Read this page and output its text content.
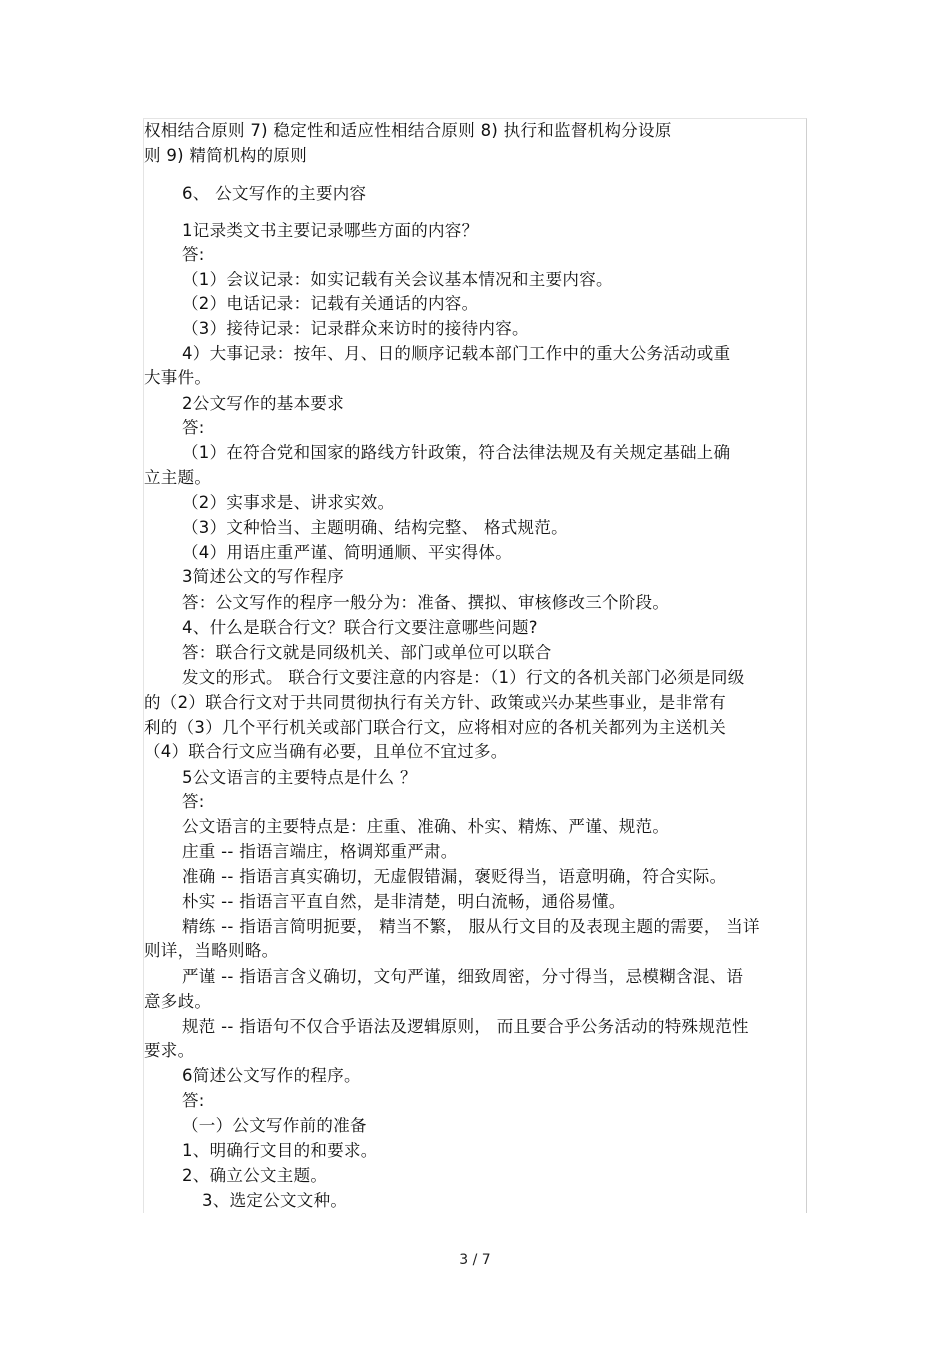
权相结合原则 7) 稳定性和适应性相结合原则 8) 执行和监督机构分设原
则 9) 精简机构的原则
6、 公文写作的主要内容
1记录类文书主要记录哪些方面的内容？
答:
（1）会议记录：如实记载有关会议基本情况和主要内容。
（2）电话记录：记载有关通话的内容。
（3）接待记录：记录群众来访时的接待内容。
4）大事记录：按年、月、日的顺序记载本部门工作中的重大公务活动或重
大事件。
2公文写作的基本要求
答:
（1）在符合党和国家的路线方针政策，符合法律法规及有关规定基础上确
立主题。
（2）实事求是、讲求实效。
（3）文种恰当、主题明确、结构完整、 格式规范。
（4）用语庄重严谨、简明通顺、平实得体。
3简述公文的写作程序
答：公文写作的程序一般分为：准备、撰拟、审核修改三个阶段。
4、什么是联合行文？联合行文要注意哪些问题?
答：联合行文就是同级机关、部门或单位可以联合
发文的形式。 联合行文要注意的内容是：（1）行文的各机关部门必须是同级
的（2）联合行文对于共同贯彻执行有关方针、政策或兴办某些事业，是非常有
利的（3）几个平行机关或部门联合行文，应将相对应的各机关都列为主送机关
（4）联合行文应当确有必要，且单位不宜过多。
5公文语言的主要特点是什么 ？
答:
公文语言的主要特点是：庄重、准确、朴实、精炼、严谨、规范。
庄重 -- 指语言端庄，格调郑重严肃。
准确 -- 指语言真实确切，无虚假错漏，褒贬得当，语意明确，符合实际。
朴实 -- 指语言平直自然，是非清楚，明白流畅，通俗易懂。
精练 -- 指语言简明扼要， 精当不繁， 服从行文目的及表现主题的需要， 当详
则详，当略则略。
严谨 -- 指语言含义确切，文句严谨，细致周密，分寸得当，忌模糊含混、语
意多歧。
规范 -- 指语句不仅合乎语法及逻辑原则， 而且要合乎公务活动的特殊规范性
要求。
6简述公文写作的程序。
答:
（一）公文写作前的准备
1、明确行文目的和要求。
2、确立公文主题。
3、选定公文文种。
3 / 7
